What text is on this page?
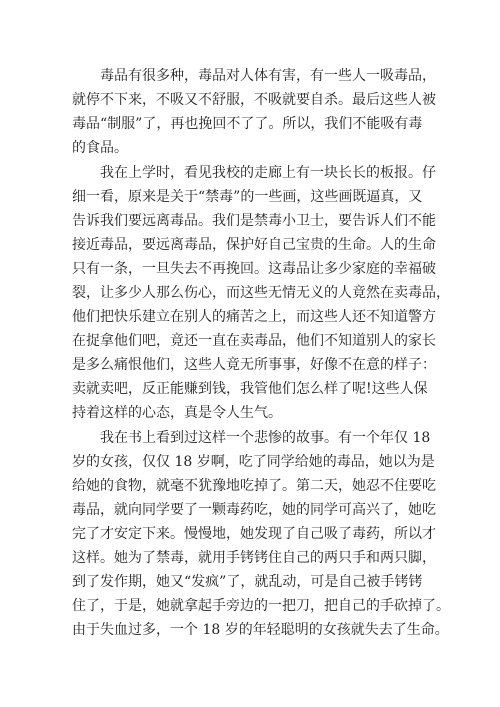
毒品有很多种，毒品对人体有害，有一些人一吸毒品，
就停不下来，不吸又不舒服，不吸就要自杀。最后这些人被
毒品“制服”了，再也挽回不了了。所以，我们不能吸有毒
的食品。
我在上学时，看见我校的走廊上有一块长长的板报。仔
细一看，原来是关于“禁毒”的一些画，这些画既逼真，又
告诉我们要远离毒品。我们是禁毒小卫士，要告诉人们不能
接近毒品，要远离毒品，保护好自己宝贵的生命。人的生命
只有一条，一旦失去不再挽回。这毒品让多少家庭的幸福破
裂，让多少人那么伤心，而这些无情无义的人竟然在卖毒品，
他们把快乐建立在别人的痛苦之上，而这些人还不知道警方
在捉拿他们吧，竟还一直在卖毒品，他们不知道别人的家长
是多么痛恨他们，这些人竟无所事事，好像不在意的样子：
卖就卖吧，反正能赚到钱，我管他们怎么样了呢!这些人保
持着这样的心态，真是令人生气。
我在书上看到过这样一个悲惨的故事。有一个年仅 18
岁的女孩，仅仅 18 岁啊，吃了同学给她的毒品，她以为是
给她的食物，就毫不犹豫地吃掉了。第二天，她忍不住要吃
毒品，就向同学要了一颗毒药吃，她的同学可高兴了，她吃
完了才安定下来。慢慢地，她发现了自己吸了毒药，所以才
这样。她为了禁毒，就用手铐铐住自己的两只手和两只脚，
到了发作期，她又“发疯”了，就乱动，可是自己被手铐铐
住了，于是，她就拿起手旁边的一把刀，把自己的手砍掉了。
由于失血过多，一个 18 岁的年轻聪明的女孩就失去了生命。
